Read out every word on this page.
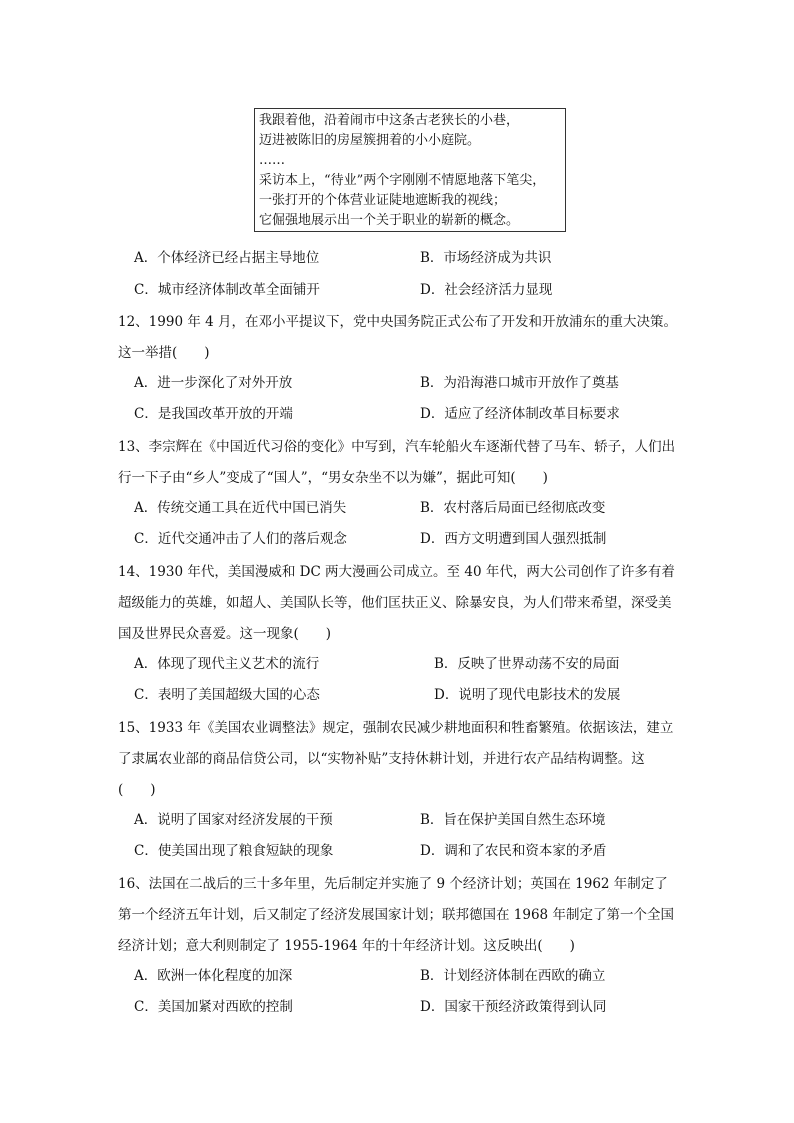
我跟着他，沿着闹市中这条古老狭长的小巷，
迈进被陈旧的房屋簇拥着的小小庭院。
……
采访本上，“待业”两个字刚刚不情愿地落下笔尖，
一张打开的个体营业证陡地遮断我的视线；
它倔强地展示出一个关于职业的崭新的概念。
A．个体经济已经占据主导地位	B．市场经济成为共识
C．城市经济体制改革全面铺开	D．社会经济活力显现
12、1990 年 4 月，在邓小平提议下，党中央国务院正式公布了开发和开放浦东的重大决策。这一举措(　　)
A．进一步深化了对外开放	B．为沿海港口城市开放作了奠基
C．是我国改革开放的开端	D．适应了经济体制改革目标要求
13、李宗辉在《中国近代习俗的变化》中写到，汽车轮船火车逐渐代替了马车、轿子，人们出行一下子由“乡人”变成了“国人”，“男女杂坐不以为嫌”，据此可知(　　)
A．传统交通工具在近代中国已消失	B．农村落后局面已经彻底改变
C．近代交通冲击了人们的落后观念	D．西方文明遭到国人强烈抵制
14、1930 年代，美国漫威和 DC 两大漫画公司成立。至 40 年代，两大公司创作了许多有着超级能力的英雄，如超人、美国队长等，他们匡扶正义、除暴安良，为人们带来希望，深受美国及世界民众喜爱。这一现象(　　)
A．体现了现代主义艺术的流行	B．反映了世界动荡不安的局面
C．表明了美国超级大国的心态	D．说明了现代电影技术的发展
15、1933 年《美国农业调整法》规定，强制农民减少耕地面积和牲畜繁殖。依据该法，建立了隶属农业部的商品信贷公司，以“实物补贴”支持休耕计划，并进行农产品结构调整。这(　　)
A．说明了国家对经济发展的干预	B．旨在保护美国自然生态环境
C．使美国出现了粮食短缺的现象	D．调和了农民和资本家的矛盾
16、法国在二战后的三十多年里，先后制定并实施了 9 个经济计划；英国在 1962 年制定了第一个经济五年计划，后又制定了经济发展国家计划；联邦德国在 1968 年制定了第一个全国经济计划；意大利则制定了 1955-1964 年的十年经济计划。这反映出(　　)
A．欧洲一体化程度的加深	B．计划经济体制在西欧的确立
C．美国加紧对西欧的控制	D．国家干预经济政策得到认同
